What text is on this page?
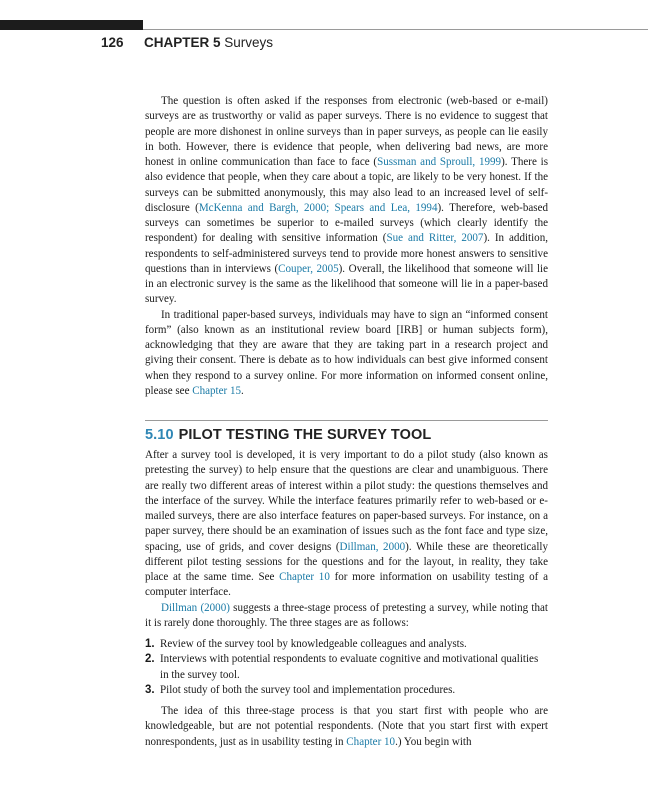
126 CHAPTER 5 Surveys

The question is often asked if the responses from electronic (web-based or e-mail) surveys are as trustworthy or valid as paper surveys. There is no evidence to suggest that people are more dishonest in online surveys than in paper surveys, as people can lie easily in both. However, there is evidence that people, when delivering bad news, are more honest in online communication than face to face (Sussman and Sproull, 1999). There is also evidence that people, when they care about a topic, are likely to be very honest. If the surveys can be submitted anonymously, this may also lead to an increased level of self-disclosure (McKenna and Bargh, 2000; Spears and Lea, 1994). Therefore, web-based surveys can sometimes be superior to e-mailed surveys (which clearly identify the respondent) for dealing with sensitive information (Sue and Ritter, 2007). In addition, respondents to self-administered surveys tend to provide more honest answers to sensitive questions than in interviews (Couper, 2005). Overall, the likelihood that someone will lie in an electronic survey is the same as the likelihood that someone will lie in a paper-based survey.

In traditional paper-based surveys, individuals may have to sign an “informed consent form” (also known as an institutional review board [IRB] or human subjects form), acknowledging that they are aware that they are taking part in a research project and giving their consent. There is debate as to how individuals can best give informed consent when they respond to a survey online. For more information on informed consent online, please see Chapter 15.

5.10 PILOT TESTING THE SURVEY TOOL

After a survey tool is developed, it is very important to do a pilot study (also known as pretesting the survey) to help ensure that the questions are clear and unambiguous. There are really two different areas of interest within a pilot study: the questions themselves and the interface of the survey. While the interface features primarily refer to web-based or e-mailed surveys, there are also interface features on paper-based surveys. For instance, on a paper survey, there should be an examination of issues such as the font face and type size, spacing, use of grids, and cover designs (Dillman, 2000). While these are theoretically different pilot testing sessions for the questions and for the layout, in reality, they take place at the same time. See Chapter 10 for more information on usability testing of a computer interface.

Dillman (2000) suggests a three-stage process of pretesting a survey, while noting that it is rarely done thoroughly. The three stages are as follows:

1. Review of the survey tool by knowledgeable colleagues and analysts.
2. Interviews with potential respondents to evaluate cognitive and motivational qualities in the survey tool.
3. Pilot study of both the survey tool and implementation procedures.

The idea of this three-stage process is that you start first with people who are knowledgeable, but are not potential respondents. (Note that you start first with expert nonrespondents, just as in usability testing in Chapter 10.) You begin with
